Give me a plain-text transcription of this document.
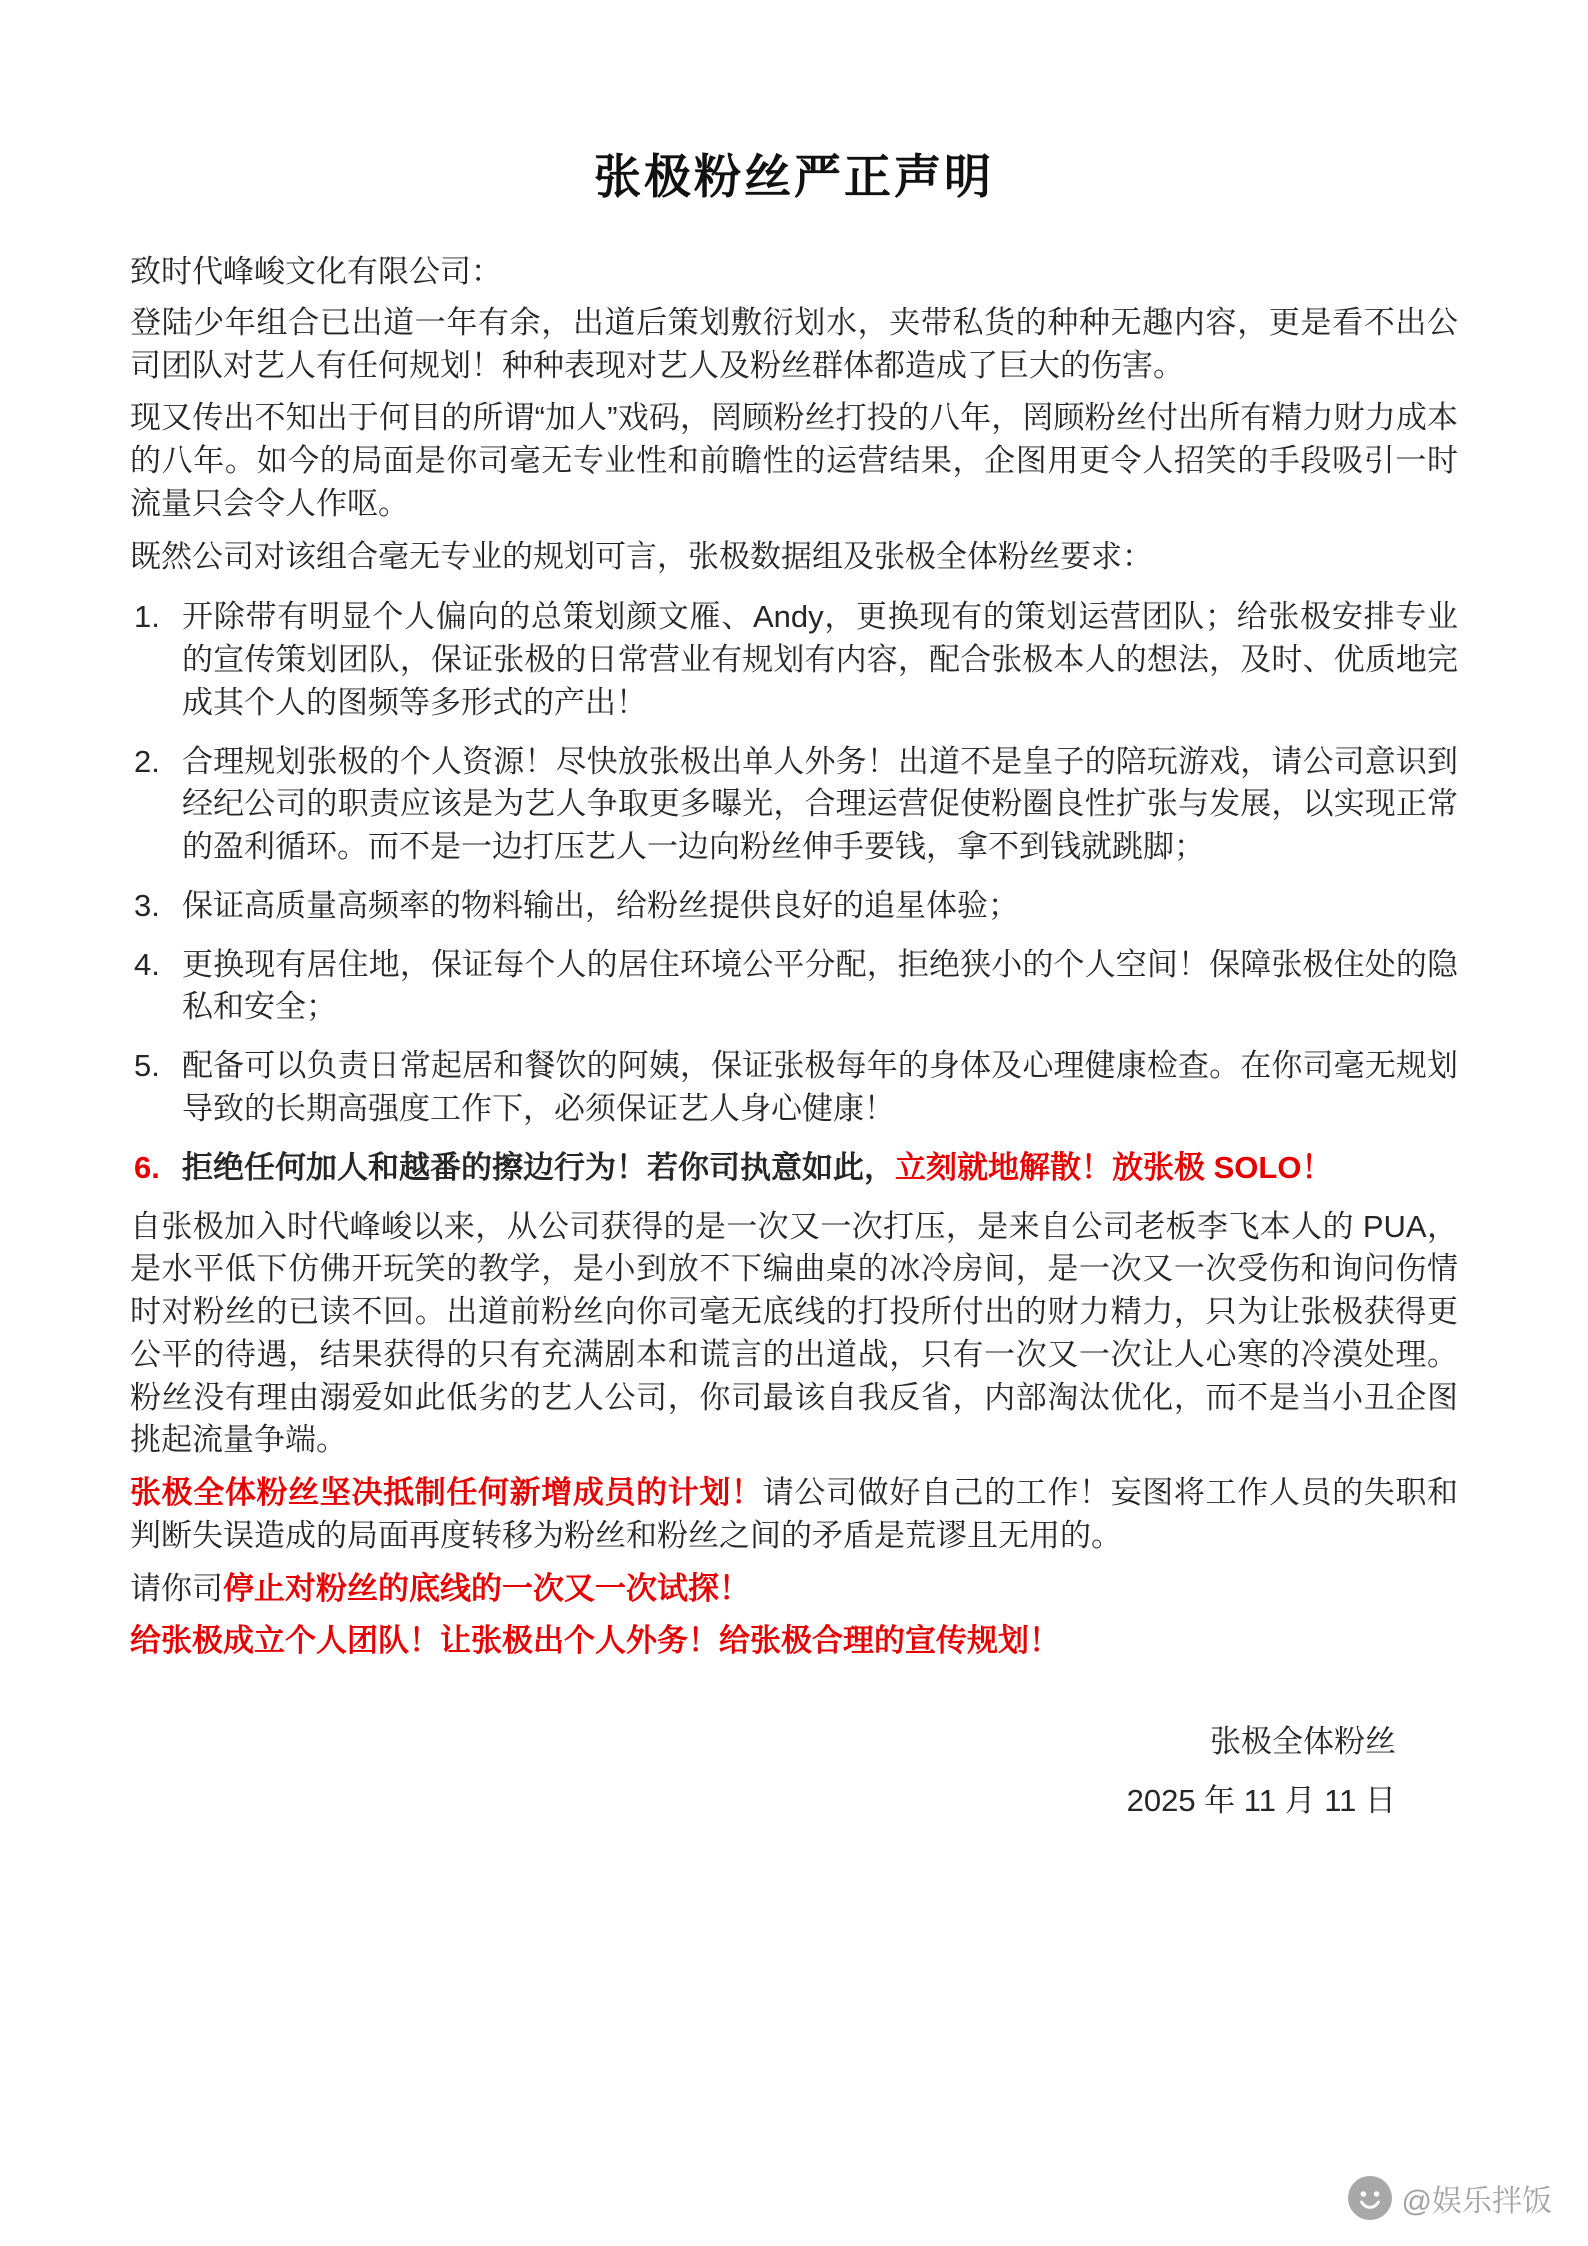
张极粉丝严正声明

致时代峰峻文化有限公司：

登陆少年组合已出道一年有余，出道后策划敷衍划水，夹带私货的种种无趣内容，更是看不出公司团队对艺人有任何规划！种种表现对艺人及粉丝群体都造成了巨大的伤害。

现又传出不知出于何目的所谓“加人”戏码，罔顾粉丝打投的八年，罔顾粉丝付出所有精力财力成本的八年。如今的局面是你司毫无专业性和前瞻性的运营结果，企图用更令人招笑的手段吸引一时流量只会令人作呕。

既然公司对该组合毫无专业的规划可言，张极数据组及张极全体粉丝要求：

1. 开除带有明显个人偏向的总策划颜文雁、Andy，更换现有的策划运营团队；给张极安排专业的宣传策划团队，保证张极的日常营业有规划有内容，配合张极本人的想法，及时、优质地完成其个人的图频等多形式的产出！
2. 合理规划张极的个人资源！尽快放张极出单人外务！出道不是皇子的陪玩游戏，请公司意识到经纪公司的职责应该是为艺人争取更多曝光，合理运营促使粉圈良性扩张与发展，以实现正常的盈利循环。而不是一边打压艺人一边向粉丝伸手要钱，拿不到钱就跳脚；
3. 保证高质量高频率的物料输出，给粉丝提供良好的追星体验；
4. 更换现有居住地，保证每个人的居住环境公平分配，拒绝狭小的个人空间！保障张极住处的隐私和安全；
5. 配备可以负责日常起居和餐饮的阿姨，保证张极每年的身体及心理健康检查。在你司毫无规划导致的长期高强度工作下，必须保证艺人身心健康！
6. 拒绝任何加人和越番的擦边行为！若你司执意如此，立刻就地解散！放张极 SOLO！

自张极加入时代峰峻以来，从公司获得的是一次又一次打压，是来自公司老板李飞本人的 PUA，是水平低下仿佛开玩笑的教学，是小到放不下编曲桌的冰冷房间，是一次又一次受伤和询问伤情时对粉丝的已读不回。出道前粉丝向你司毫无底线的打投所付出的财力精力，只为让张极获得更公平的待遇，结果获得的只有充满剧本和谎言的出道战，只有一次又一次让人心寒的冷漠处理。粉丝没有理由溺爱如此低劣的艺人公司，你司最该自我反省，内部淘汰优化，而不是当小丑企图挑起流量争端。

张极全体粉丝坚决抵制任何新增成员的计划！请公司做好自己的工作！妄图将工作人员的失职和判断失误造成的局面再度转移为粉丝和粉丝之间的矛盾是荒谬且无用的。

请你司停止对粉丝的底线的一次又一次试探！

给张极成立个人团队！让张极出个人外务！给张极合理的宣传规划！

张极全体粉丝

2025 年 11 月 11 日

@娱乐拌饭
